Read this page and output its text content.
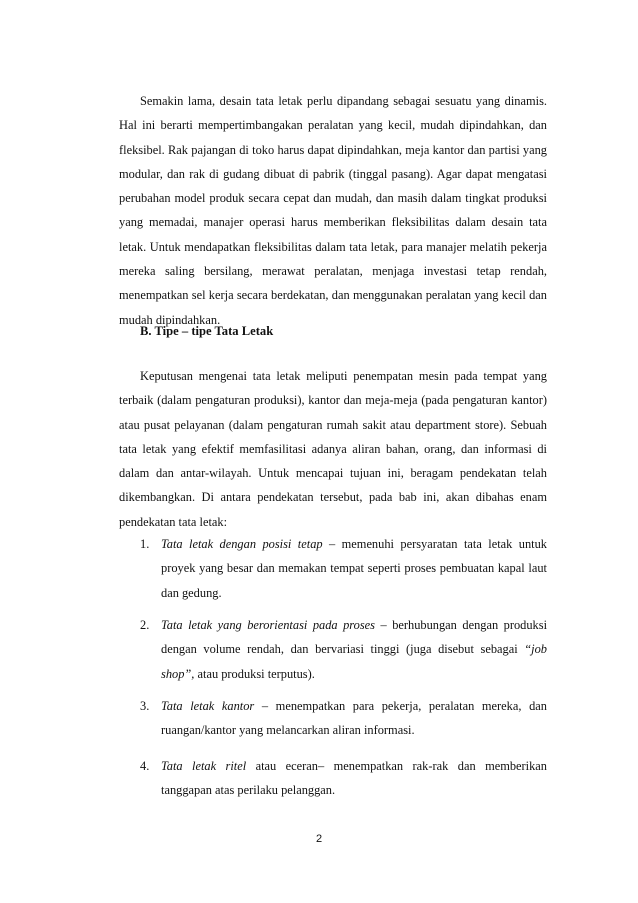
Semakin lama, desain tata letak perlu dipandang sebagai sesuatu yang dinamis. Hal ini berarti mempertimbangakan peralatan yang kecil, mudah dipindahkan, dan fleksibel. Rak pajangan di toko harus dapat dipindahkan, meja kantor dan partisi yang modular, dan rak di gudang dibuat di pabrik (tinggal pasang). Agar dapat mengatasi perubahan model produk secara cepat dan mudah, dan masih dalam tingkat produksi yang memadai, manajer operasi harus memberikan fleksibilitas dalam desain tata letak. Untuk mendapatkan fleksibilitas dalam tata letak, para manajer melatih pekerja mereka saling bersilang, merawat peralatan, menjaga investasi tetap rendah, menempatkan sel kerja secara berdekatan, dan menggunakan peralatan yang kecil dan mudah dipindahkan.

B. Tipe – tipe Tata Letak

Keputusan mengenai tata letak meliputi penempatan mesin pada tempat yang terbaik (dalam pengaturan produksi), kantor dan meja-meja (pada pengaturan kantor) atau pusat pelayanan (dalam pengaturan rumah sakit atau department store). Sebuah tata letak yang efektif memfasilitasi adanya aliran bahan, orang, dan informasi di dalam dan antar-wilayah. Untuk mencapai tujuan ini, beragam pendekatan telah dikembangkan. Di antara pendekatan tersebut, pada bab ini, akan dibahas enam pendekatan tata letak:

1. Tata letak dengan posisi tetap – memenuhi persyaratan tata letak untuk proyek yang besar dan memakan tempat seperti proses pembuatan kapal laut dan gedung.
2. Tata letak yang berorientasi pada proses – berhubungan dengan produksi dengan volume rendah, dan bervariasi tinggi (juga disebut sebagai “job shop”, atau produksi terputus).
3. Tata letak kantor – menempatkan para pekerja, peralatan mereka, dan ruangan/kantor yang melancarkan aliran informasi.
4. Tata letak ritel atau eceran– menempatkan rak-rak dan memberikan tanggapan atas perilaku pelanggan.
2
